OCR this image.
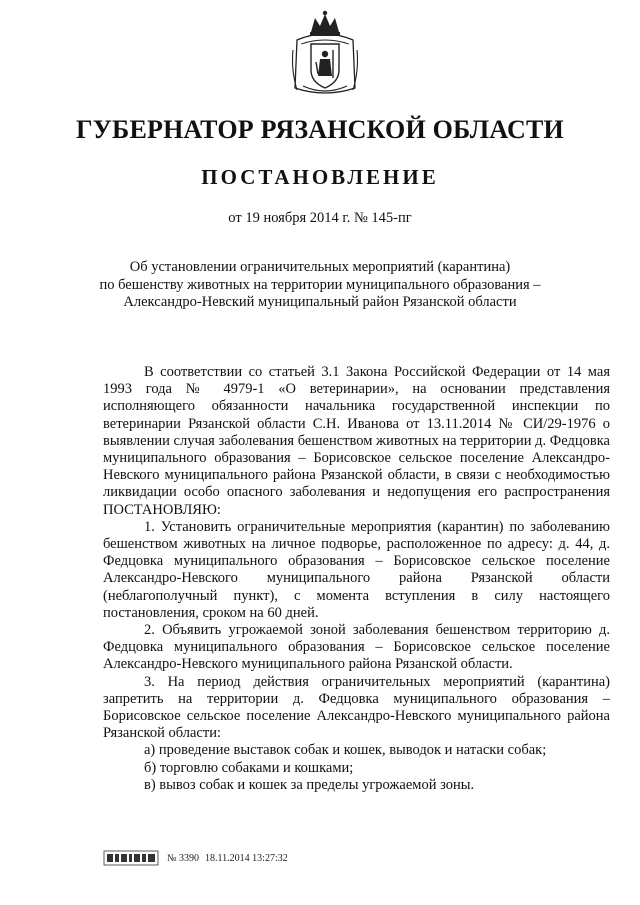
ГУБЕРНАТОР РЯЗАНСКОЙ ОБЛАСТИ
ПОСТАНОВЛЕНИЕ
от 19 ноября 2014 г. № 145-пг
Об установлении ограничительных мероприятий (карантина)
по бешенству животных на территории муниципального образования –
Александро-Невский муниципальный район Рязанской области

В соответствии со статьей 3.1 Закона Российской Федерации от 14 мая 1993 года № 4979-1 «О ветеринарии», на основании представления исполняющего обязанности начальника государственной инспекции по ветеринарии Рязанской области С.Н. Иванова от 13.11.2014 № СИ/29-1976 о выявлении случая заболевания бешенством животных на территории д. Федцовка муниципального образования – Борисовское сельское поселение Александро-Невского муниципального района Рязанской области, в связи с необходимостью ликвидации особо опасного заболевания и недопущения его распространения ПОСТАНОВЛЯЮ:

1. Установить ограничительные мероприятия (карантин) по заболеванию бешенством животных на личное подворье, расположенное по адресу: д. 44, д. Федцовка муниципального образования – Борисовское сельское поселение Александро-Невского муниципального района Рязанской области (неблагополучный пункт), с момента вступления в силу настоящего постановления, сроком на 60 дней.

2. Объявить угрожаемой зоной заболевания бешенством территорию д. Федцовка муниципального образования – Борисовское сельское поселение Александро-Невского муниципального района Рязанской области.

3. На период действия ограничительных мероприятий (карантина) запретить на территории д. Федцовка муниципального образования – Борисовское сельское поселение Александро-Невского муниципального района Рязанской области:

а) проведение выставок собак и кошек, выводок и натаски собак;

б) торговлю собаками и кошками;

в) вывоз собак и кошек за пределы угрожаемой зоны.

№ 3390 18.11.2014 13:27:32
